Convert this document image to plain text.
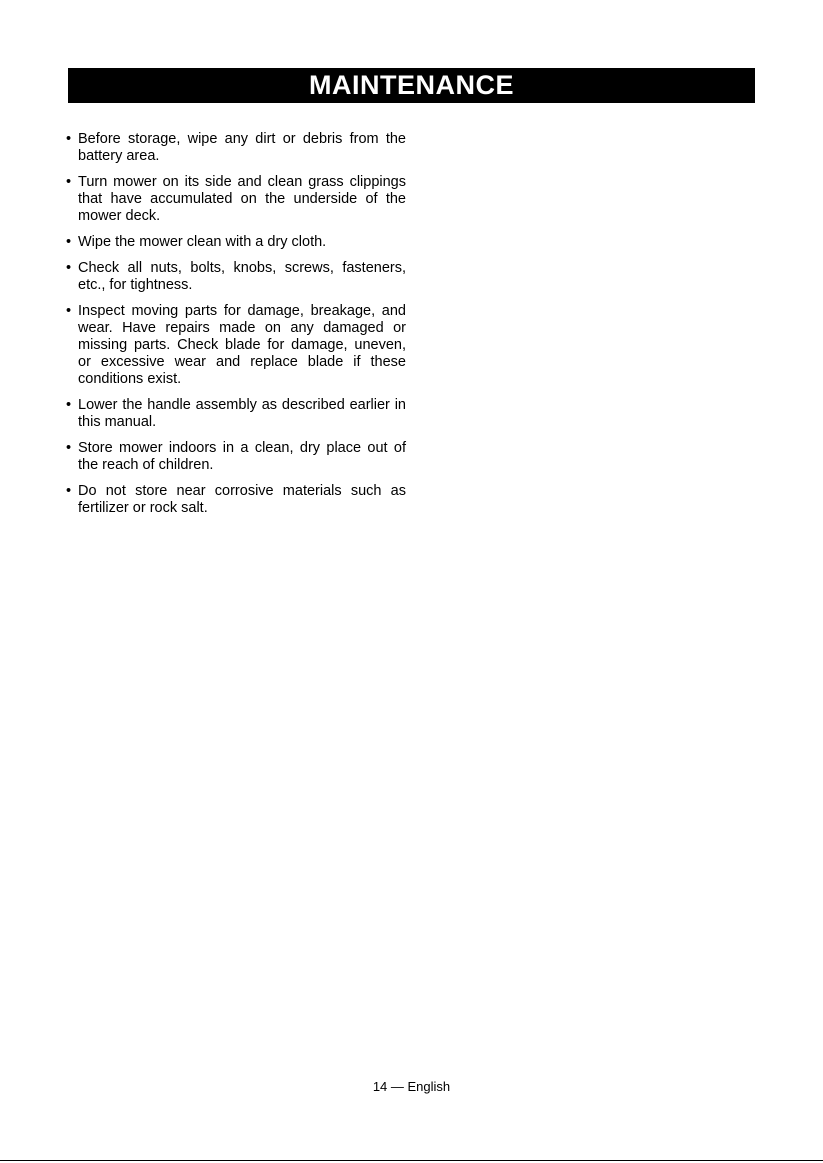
MAINTENANCE
• Before storage, wipe any dirt or debris from the battery area.
• Turn mower on its side and clean grass clippings that have accumulated on the underside of the mower deck.
• Wipe the mower clean with a dry cloth.
• Check all nuts, bolts, knobs, screws, fasteners, etc., for tightness.
• Inspect moving parts for damage, breakage, and wear. Have repairs made on any damaged or missing parts. Check blade for damage, uneven, or excessive wear and replace blade if these conditions exist.
• Lower the handle assembly as described earlier in this manual.
• Store mower indoors in a clean, dry place out of the reach of children.
• Do not store near corrosive materials such as fertilizer or rock salt.
14 — English
